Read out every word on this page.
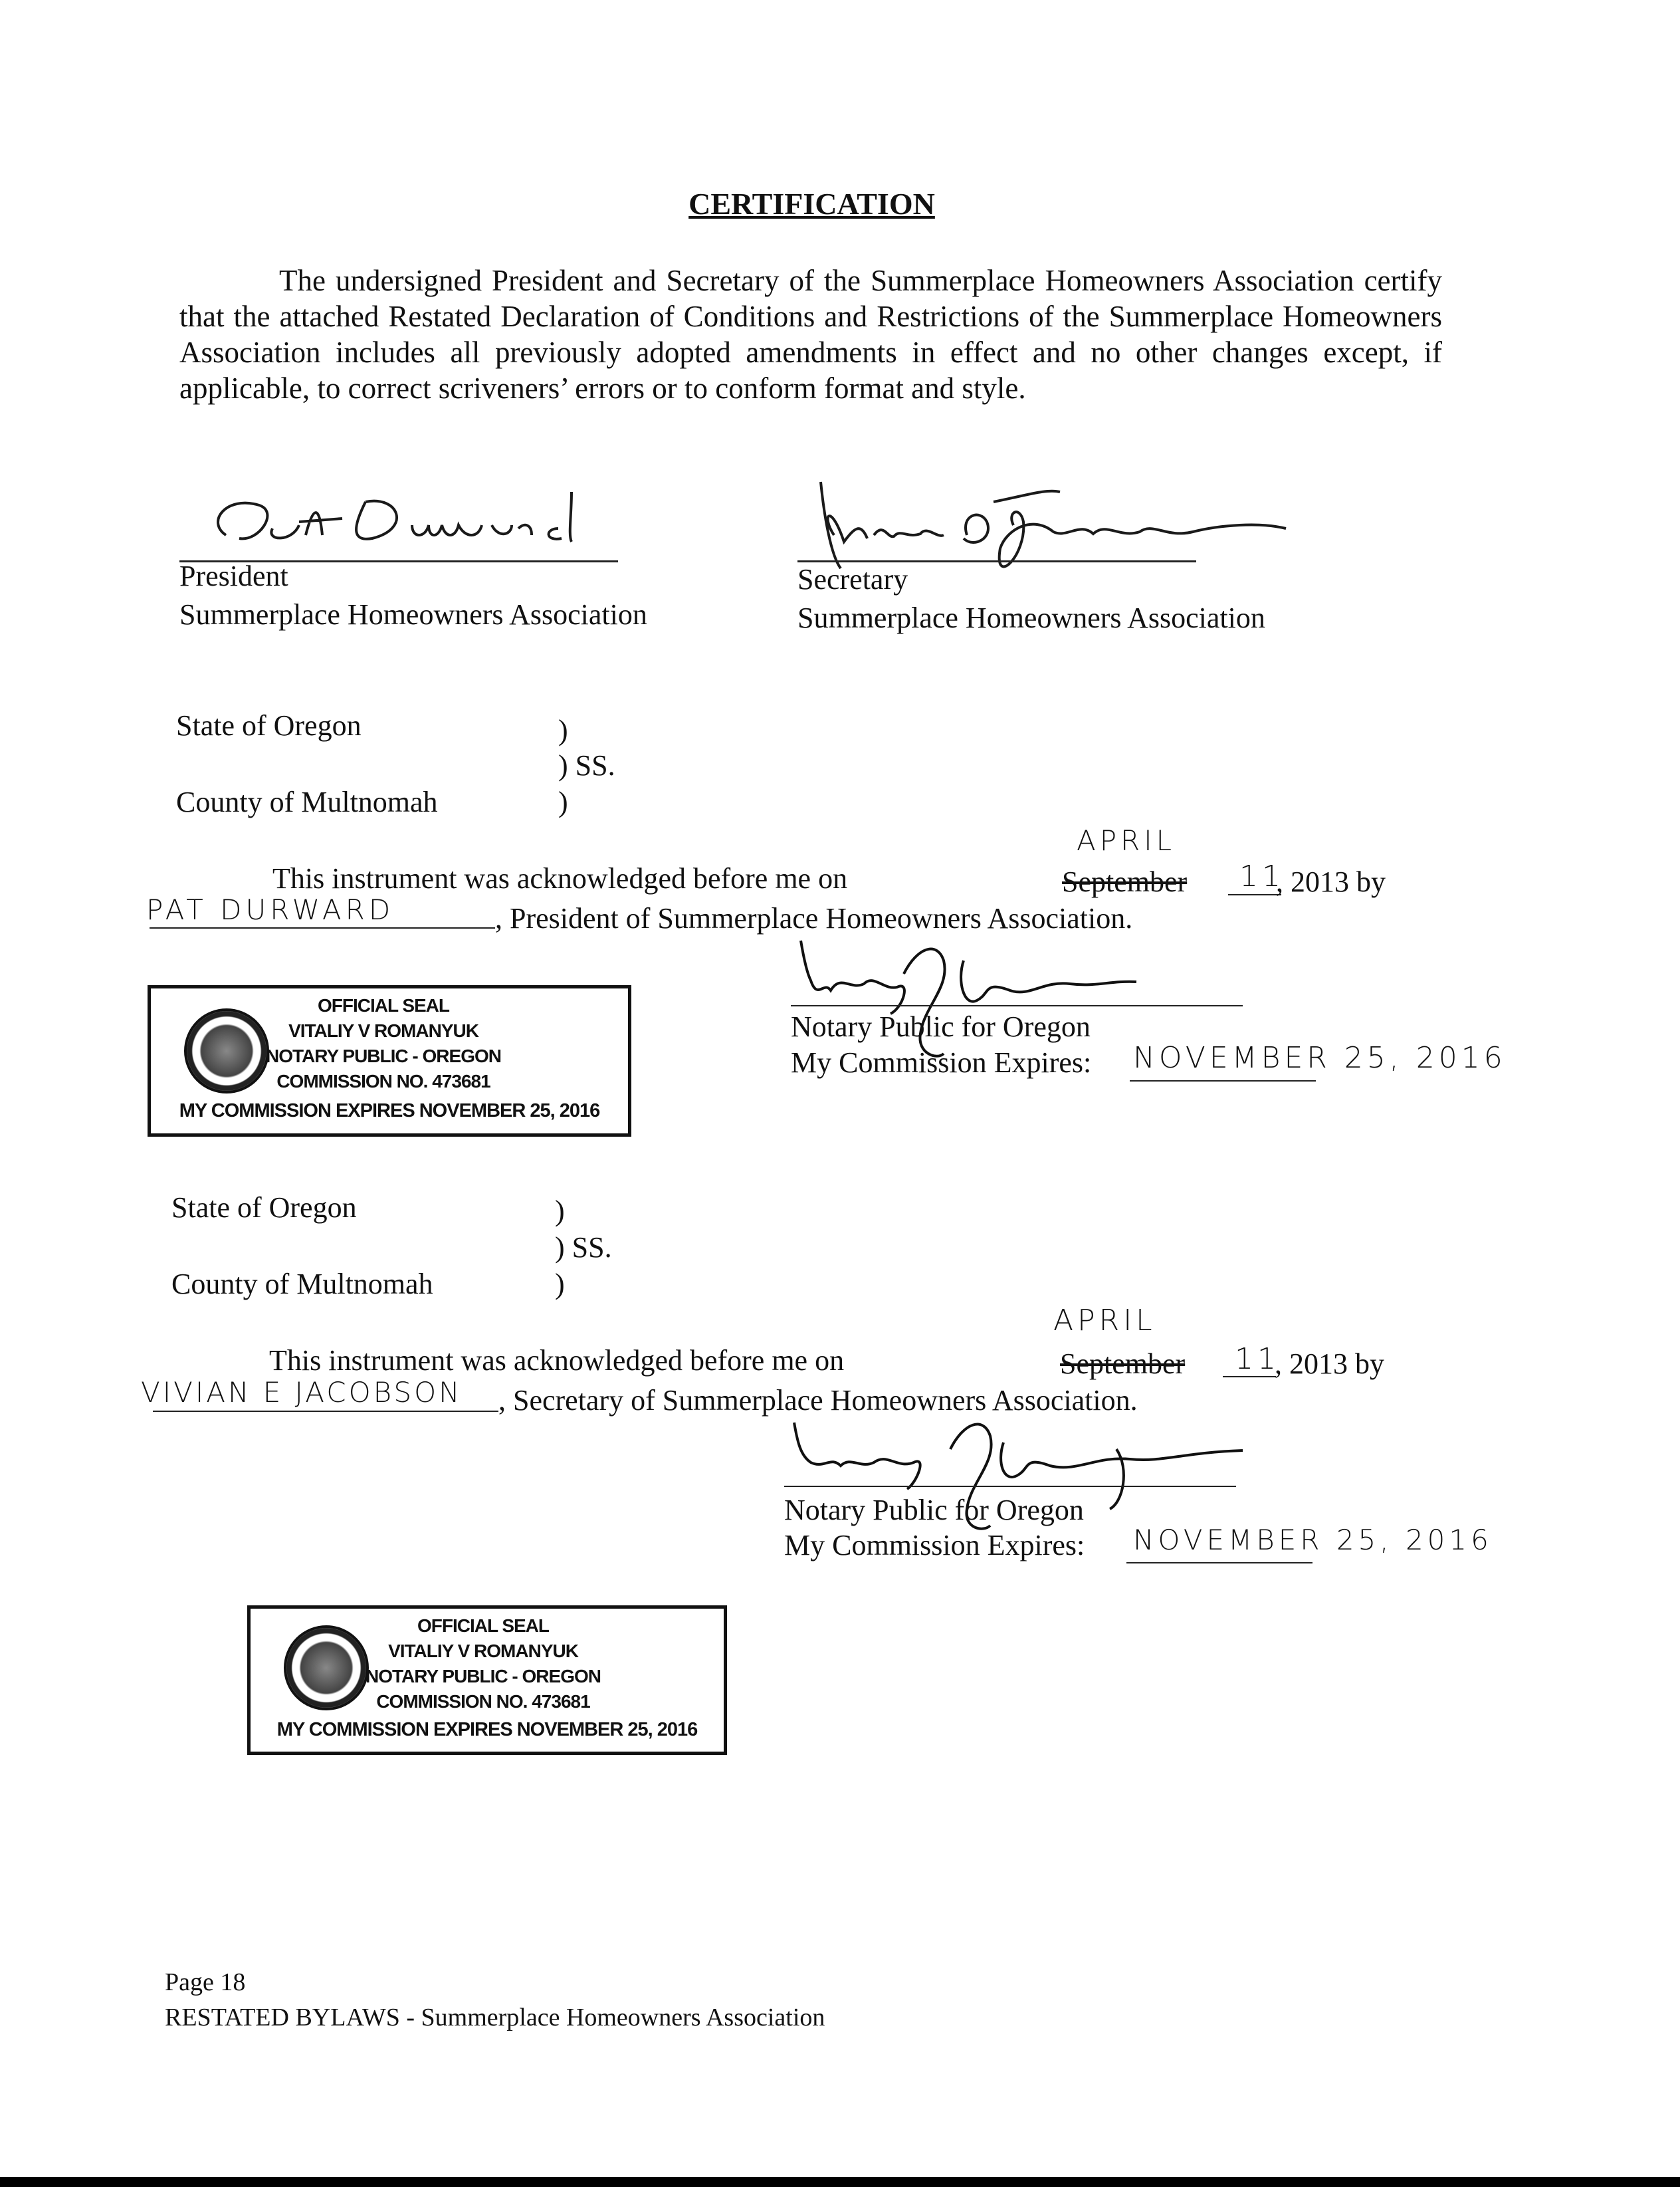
CERTIFICATION

The undersigned President and Secretary of the Summerplace Homeowners Association certify that the attached Restated Declaration of Conditions and Restrictions of the Summerplace Homeowners Association includes all previously adopted amendments in effect and no other changes except, if applicable, to correct scriveners’ errors or to conform format and style.

President
Summerplace Homeowners Association
Secretary
Summerplace Homeowners Association
State of Oregon	)
) SS.
County of Multnomah	)
APRIL
This instrument was acknowledged before me on	September 11
, 2013 by
PAT DURWARD	, President of Summerplace Homeowners Association.
Notary Public for Oregon
My Commission Expires: NOVEMBER 25, 2016
OFFICIAL SEAL
VITALIY V ROMANYUK
NOTARY PUBLIC - OREGON
COMMISSION NO. 473681
MY COMMISSION EXPIRES NOVEMBER 25, 2016
State of Oregon	)
) SS.
County of Multnomah	)
APRIL
This instrument was acknowledged before me on	September 11
, 2013 by
VIVIAN E JACOBSON , Secretary of Summerplace Homeowners Association.
Notary Public for Oregon
My Commission Expires: NOVEMBER 25, 2016
OFFICIAL SEAL
VITALIY V ROMANYUK
NOTARY PUBLIC - OREGON
COMMISSION NO. 473681
MY COMMISSION EXPIRES NOVEMBER 25, 2016
Page 18
RESTATED BYLAWS - Summerplace Homeowners Association
